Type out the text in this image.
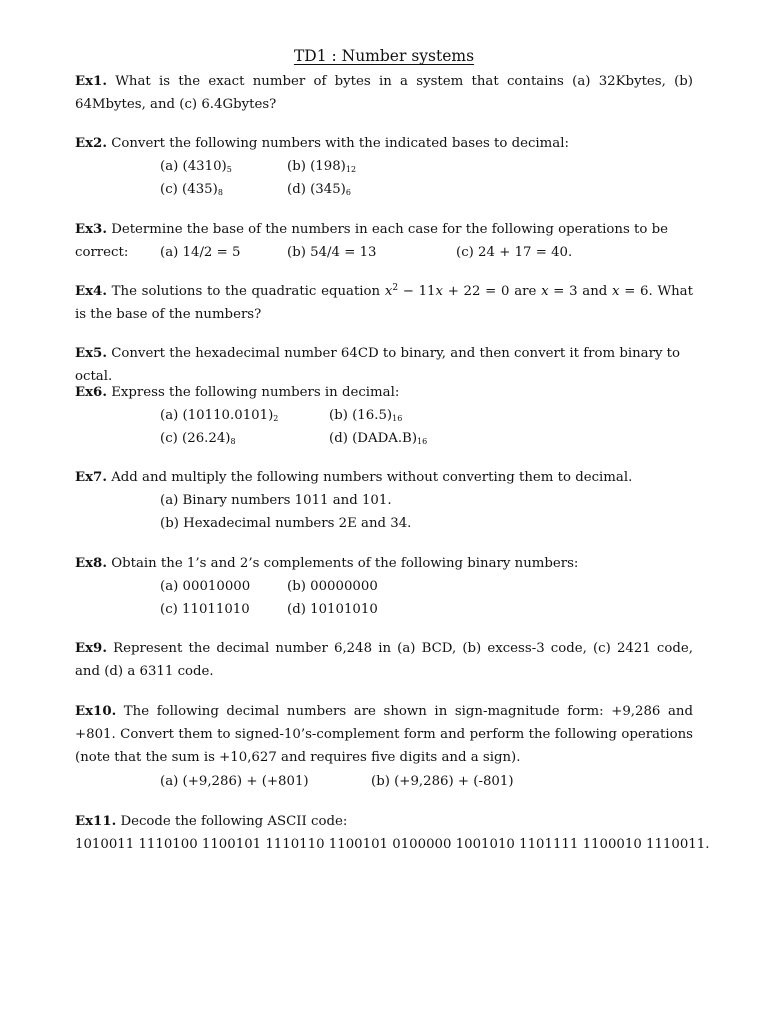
TD1 : Number systems
Ex1. What is the exact number of bytes in a system that contains (a) 32Kbytes, (b) 64Mbytes, and (c) 6.4Gbytes?
Ex2. Convert the following numbers with the indicated bases to decimal:
(a) $(4310)_5$	(b) $(198)_{12}$
(c) $(435)_8$	(d) $(345)_6$
Ex3. Determine the base of the numbers in each case for the following operations to be correct:	(a) 14/2 = 5	(b) 54/4 = 13	(c) 24 + 17 = 40.
Ex4. The solutions to the quadratic equation $x^2 - 11x + 22 = 0$ are x = 3 and x = 6. What is the base of the numbers?
Ex5. Convert the hexadecimal number 64CD to binary, and then convert it from binary to octal.
Ex6. Express the following numbers in decimal:
(a) $(10110.0101)_2$	(b) $(16.5)_{16}$
(c) $(26.24)_8$	(d) $(DADA.B)_{16}$
Ex7. Add and multiply the following numbers without converting them to decimal.
(a) Binary numbers 1011 and 101.
(b) Hexadecimal numbers 2E and 34.
Ex8. Obtain the 1’s and 2’s complements of the following binary numbers:
(a) 00010000	(b) 00000000
(c) 11011010	(d) 10101010
Ex9. Represent the decimal number 6,248 in (a) BCD, (b) excess-3 code, (c) 2421 code, and (d) a 6311 code.
Ex10. The following decimal numbers are shown in sign-magnitude form: +9,286 and +801. Convert them to signed-10’s-complement form and perform the following operations (note that the sum is +10,627 and requires five digits and a sign).
(a) (+9,286) + (+801)	(b) (+9,286) + (-801)
Ex11. Decode the following ASCII code:
1010011 1110100 1100101 1110110 1100101 0100000 1001010 1101111 1100010 1110011.
